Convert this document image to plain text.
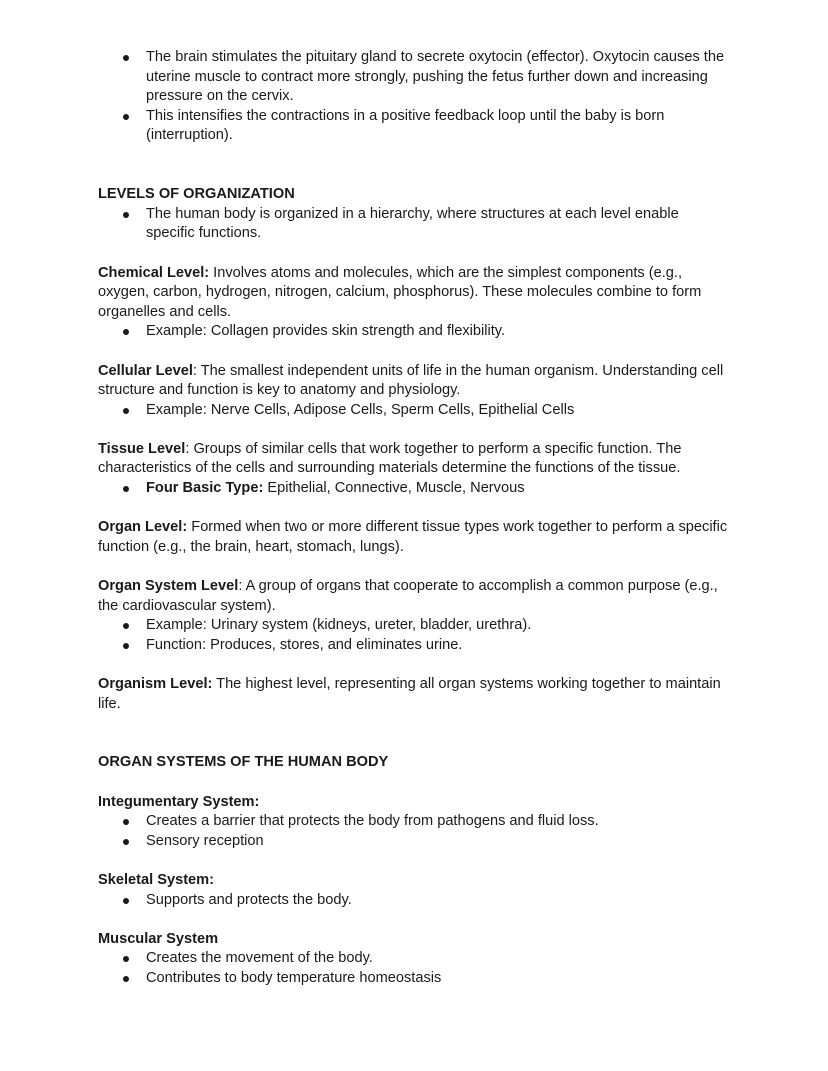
The brain stimulates the pituitary gland to secrete oxytocin (effector). Oxytocin causes the uterine muscle to contract more strongly, pushing the fetus further down and increasing pressure on the cervix.
This intensifies the contractions in a positive feedback loop until the baby is born (interruption).
LEVELS OF ORGANIZATION
The human body is organized in a hierarchy, where structures at each level enable specific functions.

Chemical Level: Involves atoms and molecules, which are the simplest components (e.g., oxygen, carbon, hydrogen, nitrogen, calcium, phosphorus). These molecules combine to form organelles and cells.

Example: Collagen provides skin strength and flexibility.

Cellular Level: The smallest independent units of life in the human organism. Understanding cell structure and function is key to anatomy and physiology.

Example: Nerve Cells, Adipose Cells, Sperm Cells, Epithelial Cells

Tissue Level: Groups of similar cells that work together to perform a specific function. The characteristics of the cells and surrounding materials determine the functions of the tissue.

Four Basic Type: Epithelial, Connective, Muscle, Nervous

Organ Level: Formed when two or more different tissue types work together to perform a specific function (e.g., the brain, heart, stomach, lungs).

Organ System Level: A group of organs that cooperate to accomplish a common purpose (e.g., the cardiovascular system).

Example: Urinary system (kidneys, ureter, bladder, urethra).
Function: Produces, stores, and eliminates urine.

Organism Level: The highest level, representing all organ systems working together to maintain life.

ORGAN SYSTEMS OF THE HUMAN BODY

Integumentary System:

Creates a barrier that protects the body from pathogens and fluid loss.
Sensory reception

Skeletal System:

Supports and protects the body.

Muscular System

Creates the movement of the body.
Contributes to body temperature homeostasis
